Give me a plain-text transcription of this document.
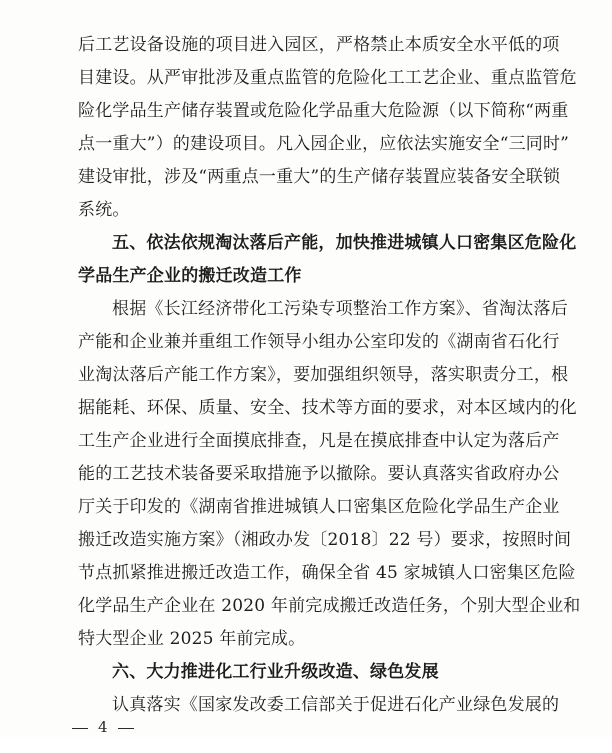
后工艺设备设施的项目进入园区，严格禁止本质安全水平低的项
目建设。从严审批涉及重点监管的危险化工工艺企业、重点监管危
险化学品生产储存装置或危险化学品重大危险源（以下简称“两重
点一重大”）的建设项目。凡入园企业，应依法实施安全“三同时”
建设审批，涉及“两重点一重大”的生产储存装置应装备安全联锁
系统。
五、依法依规淘汰落后产能，加快推进城镇人口密集区危险化
学品生产企业的搬迁改造工作
根据《长江经济带化工污染专项整治工作方案》、省淘汰落后
产能和企业兼并重组工作领导小组办公室印发的《湖南省石化行
业淘汰落后产能工作方案》，要加强组织领导，落实职责分工，根
据能耗、环保、质量、安全、技术等方面的要求，对本区域内的化
工生产企业进行全面摸底排查，凡是在摸底排查中认定为落后产
能的工艺技术装备要采取措施予以撤除。要认真落实省政府办公
厅关于印发的《湖南省推进城镇人口密集区危险化学品生产企业
搬迁改造实施方案》（湘政办发〔2018〕22 号）要求，按照时间
节点抓紧推进搬迁改造工作，确保全省 45 家城镇人口密集区危险
化学品生产企业在 2020 年前完成搬迁改造任务，个别大型企业和
特大型企业 2025 年前完成。
六、大力推进化工行业升级改造、绿色发展
认真落实《国家发改委工信部关于促进石化产业绿色发展的
4
